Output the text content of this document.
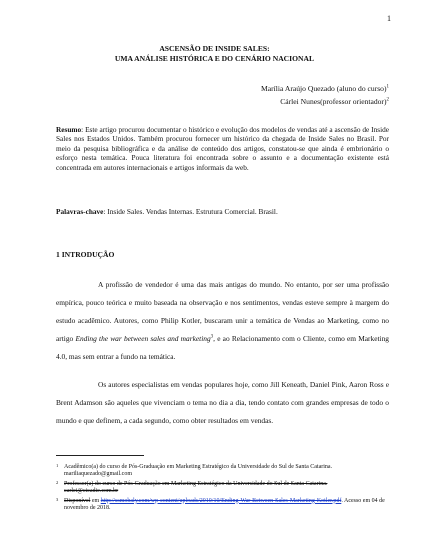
1
ASCENSÃO DE INSIDE SALES:
UMA ANÁLISE HISTÓRICA E DO CENÁRIO NACIONAL
Marília Araújo Quezado (aluno do curso)$^1$
Cárlei Nunes(professor orientador)$^2$
Resumo: Este artigo procurou documentar o histórico e evolução dos modelos de vendas até a ascensão de Inside Sales nos Estados Unidos. Também procurou fornecer um histórico da chegada de Inside Sales no Brasil. Por meio da pesquisa bibliográfica e da análise de conteúdo dos artigos, constatou-se que ainda é embrionário o esforço nesta temática. Pouca literatura foi encontrada sobre o assunto e a documentação existente está concentrada em autores internacionais e artigos informais da web.
Palavras-chave: Inside Sales. Vendas Internas. Estrutura Comercial. Brasil.
1 INTRODUÇÃO

A profissão de vendedor é uma das mais antigas do mundo. No entanto, por ser uma profissão empírica, pouco teórica e muito baseada na observação e nos sentimentos, vendas esteve sempre à margem do estudo acadêmico. Autores, como Philip Kotler, buscaram unir a temática de Vendas ao Marketing, como no artigo Ending the war between sales and marketing$^3$, e ao Relacionamento com o Cliente, como em Marketing 4.0, mas sem entrar a fundo na temática.

Os autores especialistas em vendas populares hoje, como Jill Keneath, Daniel Pink, Aaron Ross e Brent Adamson são aqueles que vivenciam o tema no dia a dia, tendo contato com grandes empresas de todo o mundo e que definem, a cada segundo, como obter resultados em vendas.

1 Acadêmico(a) do curso de Pós-Graduação em Marketing Estratégico da Universidade do Sul de Santa Catarina.
mariliaquezado@gmail.com
2 Professor(a) do curso de Pós-Graduação em Marketing Estratégico da Universidade do Sul de Santa Catarina.
carlei@cicadie.com.br
3 Disponível em http://ssmobaly.com/wp-content/uploads/2010/10/Ending-War-Between-Sales-Marketing-Kotler.pdf. Acesso em 04 de novembro de 2018.
